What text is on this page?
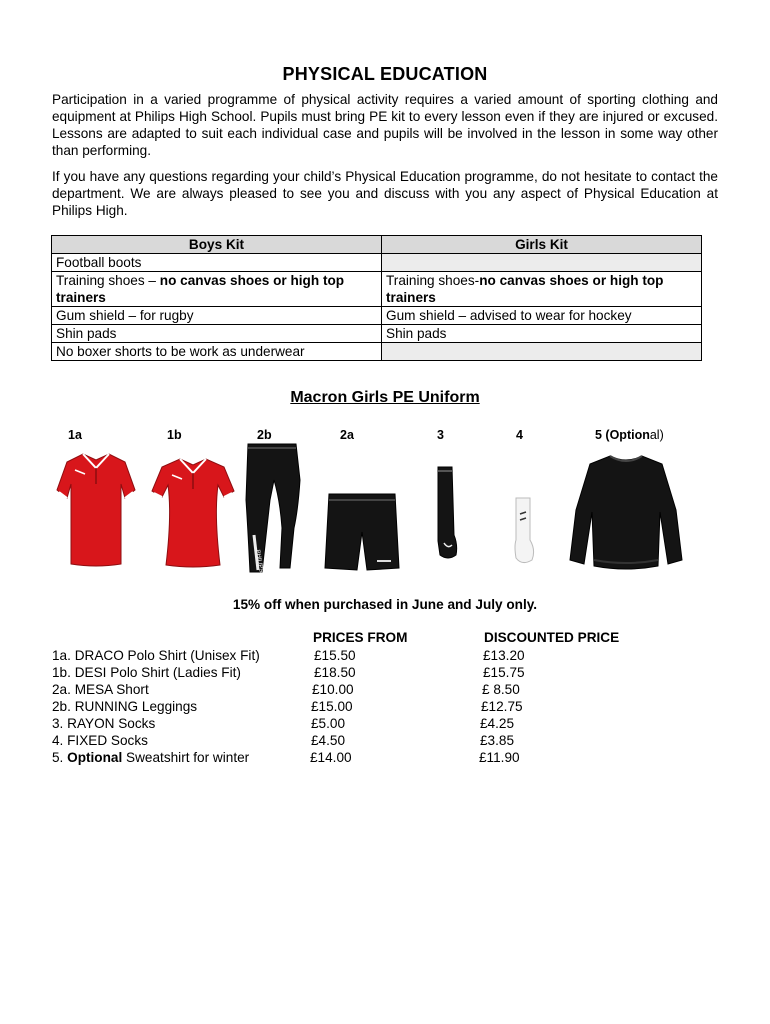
PHYSICAL EDUCATION
Participation in a varied programme of physical activity requires a varied amount of sporting clothing and equipment at Philips High School. Pupils must bring PE kit to every lesson even if they are injured or excused. Lessons are adapted to suit each individual case and pupils will be involved in the lesson in some way other than performing.
If you have any questions regarding your child’s Physical Education programme, do not hesitate to contact the department. We are always pleased to see you and discuss with you any aspect of Physical Education at Philips High.
Boys Kit	Girls Kit
Football boots	
Training shoes – no canvas shoes or high top trainers	Training shoes-no canvas shoes or high top trainers
Gum shield – for rugby	Gum shield – advised to wear for hockey
Shin pads	Shin pads
No boxer shorts to be work as underwear	
Macron Girls PE Uniform
1a	1b	2b	2a	3	4	5 (Optional)
PHILIPS
15% off when purchased in June and July only.
PRICES FROM	DISCOUNTED PRICE
1a. DRACO Polo Shirt (Unisex Fit)	£15.50	£13.20
1b. DESI Polo Shirt (Ladies Fit)	£18.50	£15.75
2a. MESA Short	£10.00	£ 8.50
2b. RUNNING Leggings	£15.00	£12.75
3. RAYON Socks	£5.00	£4.25
4. FIXED Socks	£4.50	£3.85
5. Optional Sweatshirt for winter	£14.00	£11.90
